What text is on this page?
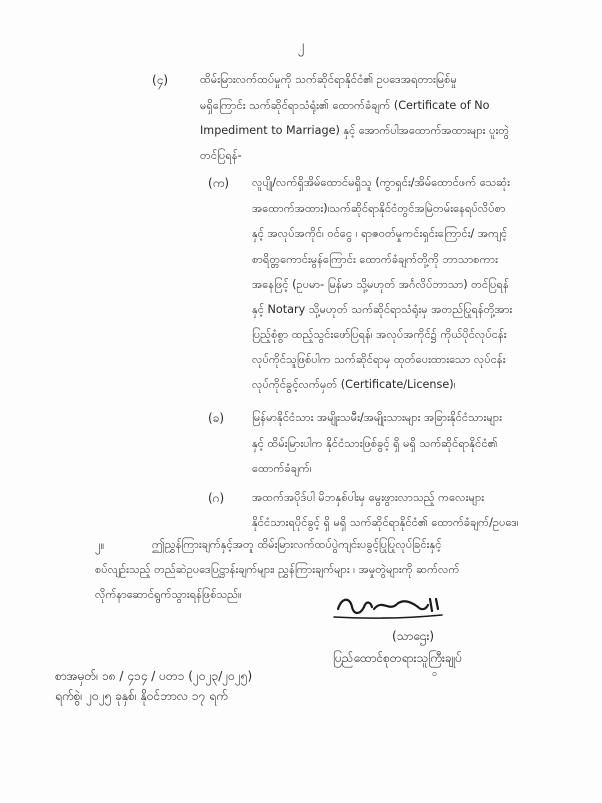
၂
(၄)	ထိမ်းမြားလက်ထပ်မှုကို သက်ဆိုင်ရာနိုင်ငံ၏ ဥပဒေအရတားမြစ်မှု
မရှိကြောင်း သက်ဆိုင်ရာသံရုံး၏ ထောက်ခံချက် (Certificate of No
Impediment to Marriage) နှင့် အောက်ပါအထောက်အထားများ ပူးတွဲ
တင်ပြရန်-
(က) လူပျို/လက်ရှိအိမ်ထောင်မရှိသူ (ကွာရှင်း/အိမ်ထောင်ဖက် သေဆုံး
အထောက်အထား)၊သက်ဆိုင်ရာနိုင်ငံတွင်အမြဲတမ်းနေရပ်လိပ်စာ
နှင့် အလုပ်အကိုင်၊ ဝင်ငွေ ၊ ရာဇဝတ်မှုကင်းရှင်းကြောင်း/ အကျင့်
စာရိတ္တကောင်းမွန်ကြောင်း ထောက်ခံချက်တို့ကို ဘာသာစကား
အနေဖြင့် (ဥပမာ- မြန်မာ သို့မဟုတ် အင်္ဂလိပ်ဘာသာ) တင်ပြရန်
နှင့် Notary သို့မဟုတ် သက်ဆိုင်ရာသံရုံးမှ အတည်ပြုရန်တို့အား
ပြည့်စုံစွာ ထည့်သွင်းဖော်ပြရန်၊ အလုပ်အကိုင်၌ ကိုယ်ပိုင်လုပ်ငန်း
လုပ်ကိုင်သူဖြစ်ပါက သက်ဆိုင်ရာမှ ထုတ်ပေးထားသော လုပ်ငန်း
လုပ်ကိုင်ခွင့်လက်မှတ် (Certificate/License)၊
(ခ) မြန်မာနိုင်ငံသား အမျိုးသမီး/အမျိုးသားများ အခြားနိုင်ငံသားများ
နှင့် ထိမ်းမြားပါက နိုင်ငံသားဖြစ်ခွင့် ရှိ မရှိ သက်ဆိုင်ရာနိုင်ငံ၏
ထောက်ခံချက်၊
(ဂ) အထက်အပိုဒ်ပါ မိဘနှစ်ပါးမှ မွေးဖွားလာသည့် ကလေးများ
နိုင်ငံသားရပိုင်ခွင့် ရှိ မရှိ သက်ဆိုင်ရာနိုင်ငံ၏ ထောက်ခံချက်/ဥပဒေ၊
၂။	ဤညွှန်ကြားချက်နှင့်အတူ ထိမ်းမြားလက်ထပ်ပွဲကျင်းပခွင့်ပြုပြုလုပ်ခြင်းနှင့်
စပ်လျဉ်းသည့် တည်ဆဲဥပဒေပြဋ္ဌာန်းချက်များ၊ ညွှန်ကြားချက်များ ၊ အမှုတွဲများကို ဆက်လက်
လိုက်နာဆောင်ရွက်သွားရန်ဖြစ်သည်။
(သာဌေး)
ပြည်ထောင်စုတရားသူကြီးချုပ်
ဝ
စာအမှတ်၊ ၁၈ / ၄၁၄ / ပတ၁ (၂၀၂၃/၂၀၂၅)
ရက်စွဲ၊ ၂၀၂၅ ခုနှစ်၊ နိုဝင်ဘာလ ၁၇ ရက်
